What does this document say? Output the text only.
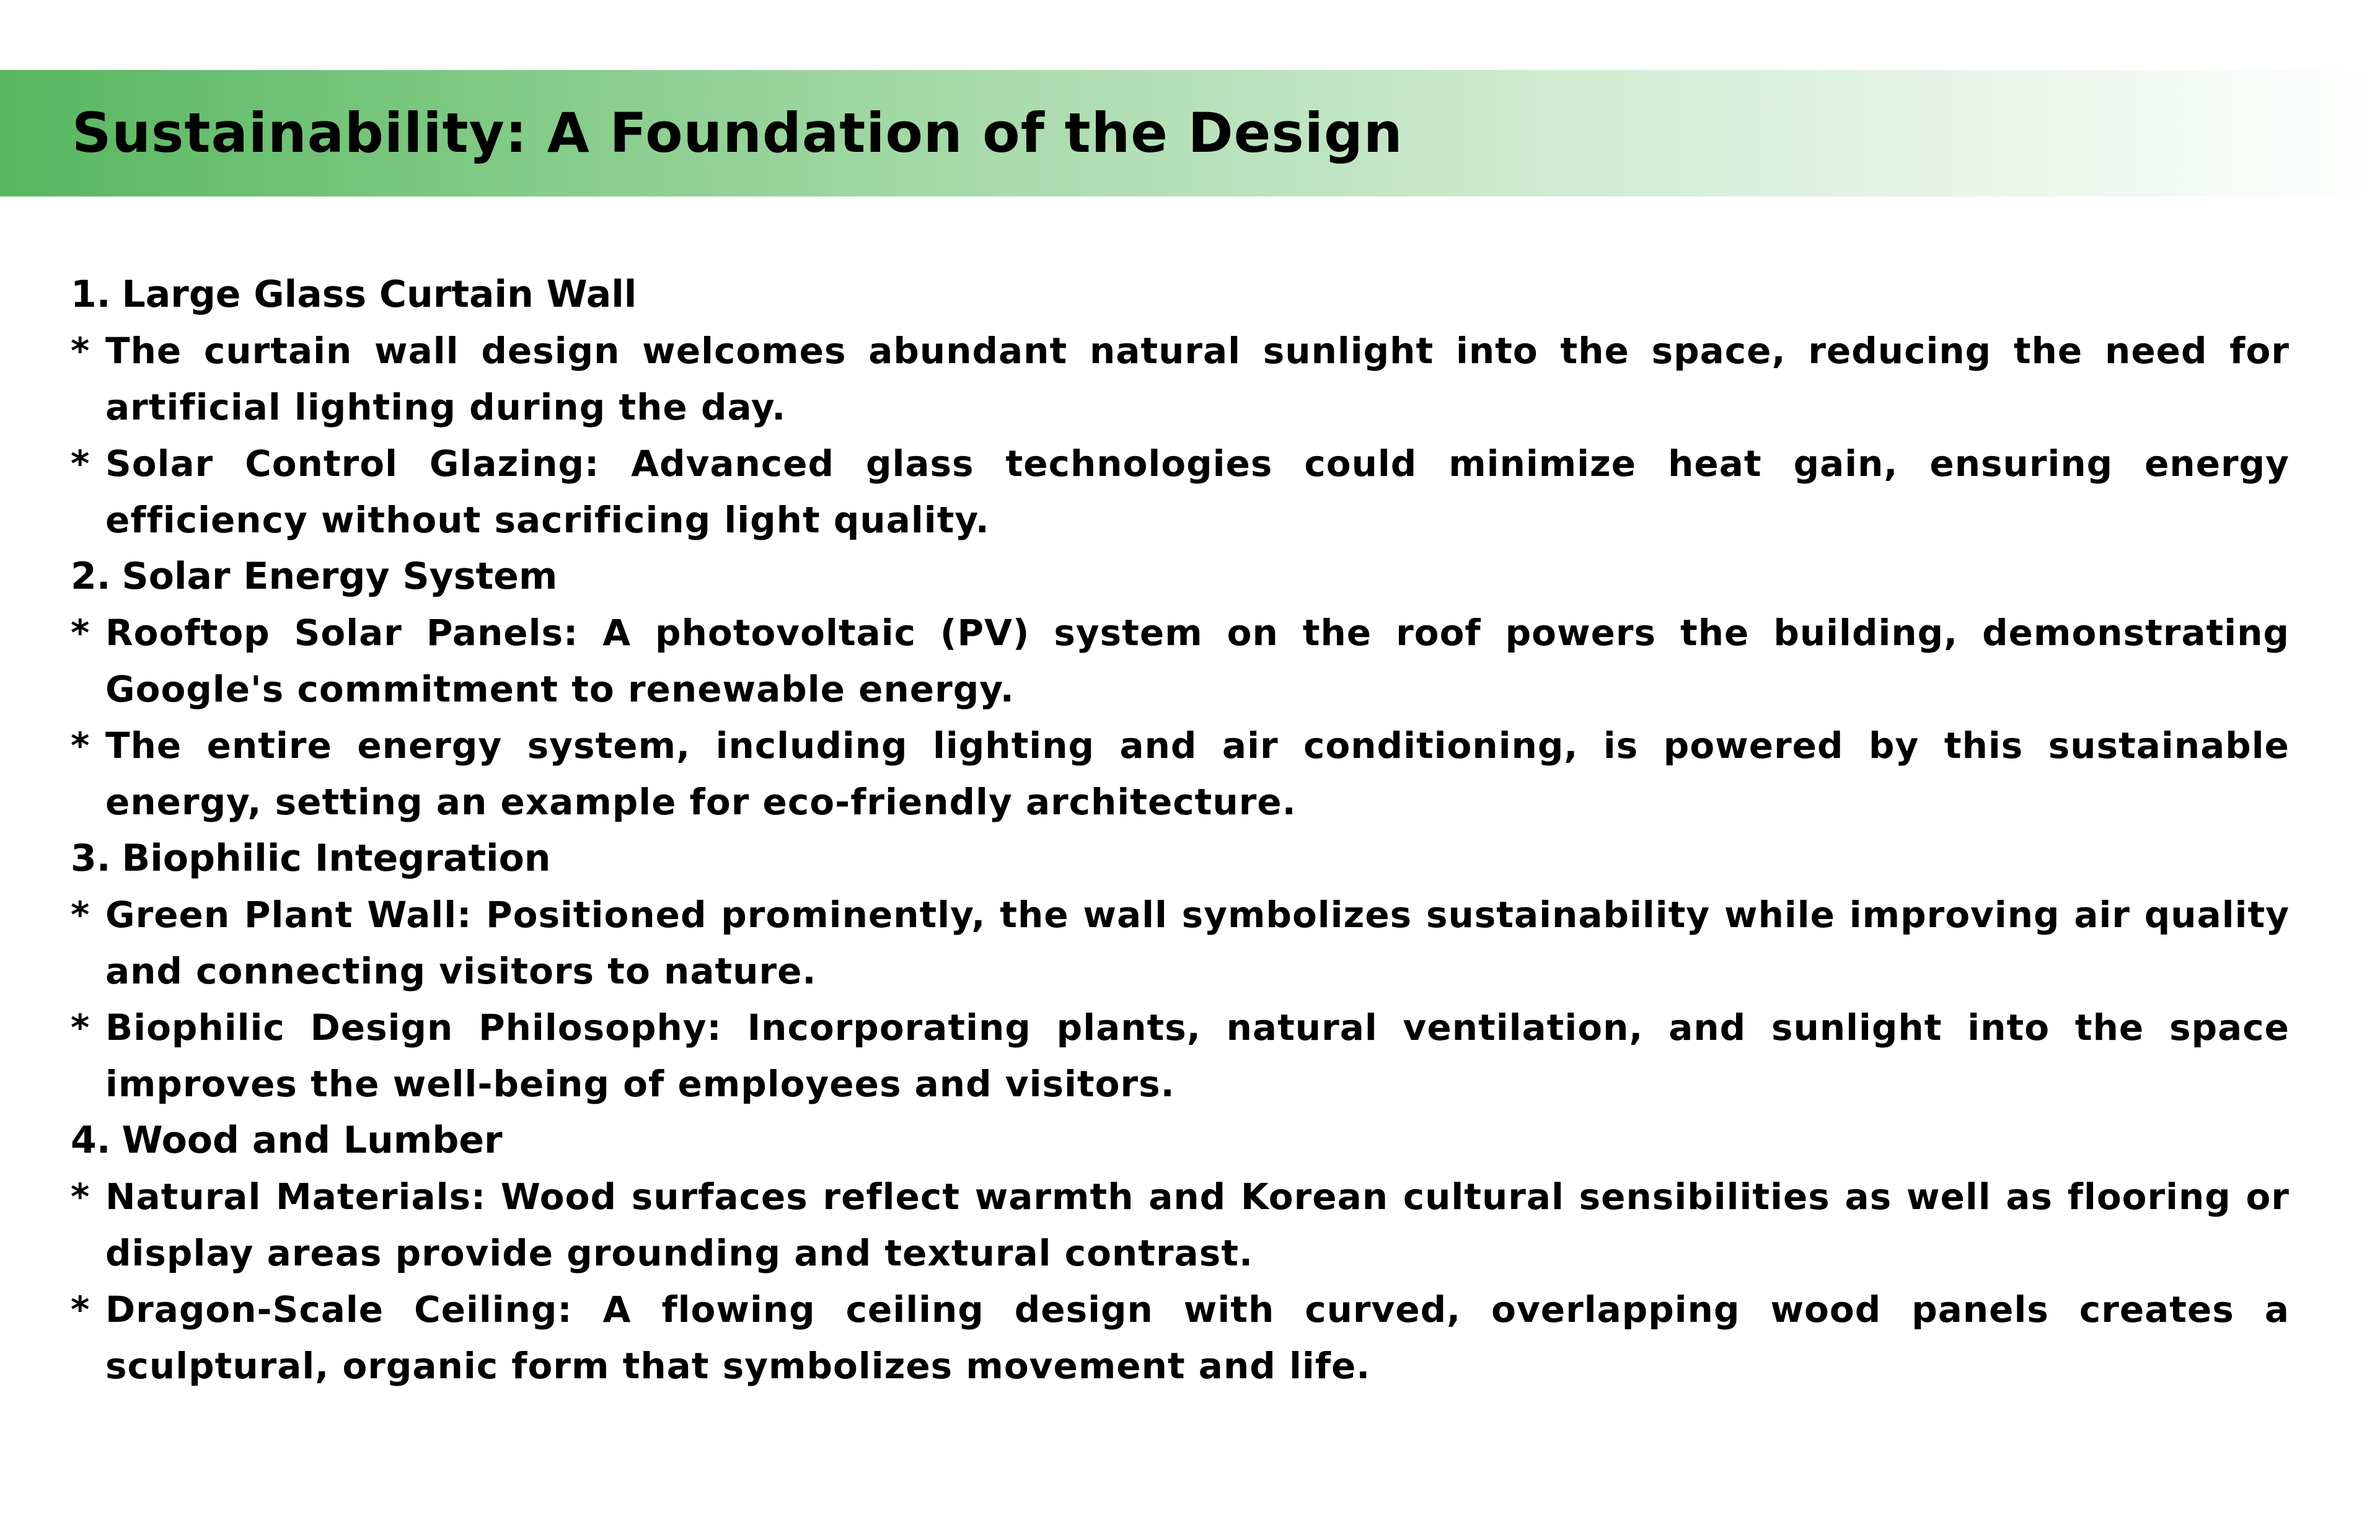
Sustainability: A Foundation of the Design

1. Large Glass Curtain Wall

* The curtain wall design welcomes abundant natural sunlight into the space, reducing the need for artificial lighting during the day.
* Solar Control Glazing: Advanced glass technologies could minimize heat gain, ensuring energy efficiency without sacrificing light quality.

2. Solar Energy System

* Rooftop Solar Panels: A photovoltaic (PV) system on the roof powers the building, demonstrating Google's commitment to renewable energy.
* The entire energy system, including lighting and air conditioning, is powered by this sustainable energy, setting an example for eco-friendly architecture.

3. Biophilic Integration

* Green Plant Wall: Positioned prominently, the wall symbolizes sustainability while improving air quality and connecting visitors to nature.
* Biophilic Design Philosophy: Incorporating plants, natural ventilation, and sunlight into the space improves the well-being of employees and visitors.

4. Wood and Lumber

* Natural Materials: Wood surfaces reflect warmth and Korean cultural sensibilities as well as flooring or display areas provide grounding and textural contrast.
* Dragon-Scale Ceiling: A flowing ceiling design with curved, overlapping wood panels creates a sculptural, organic form that symbolizes movement and life.
